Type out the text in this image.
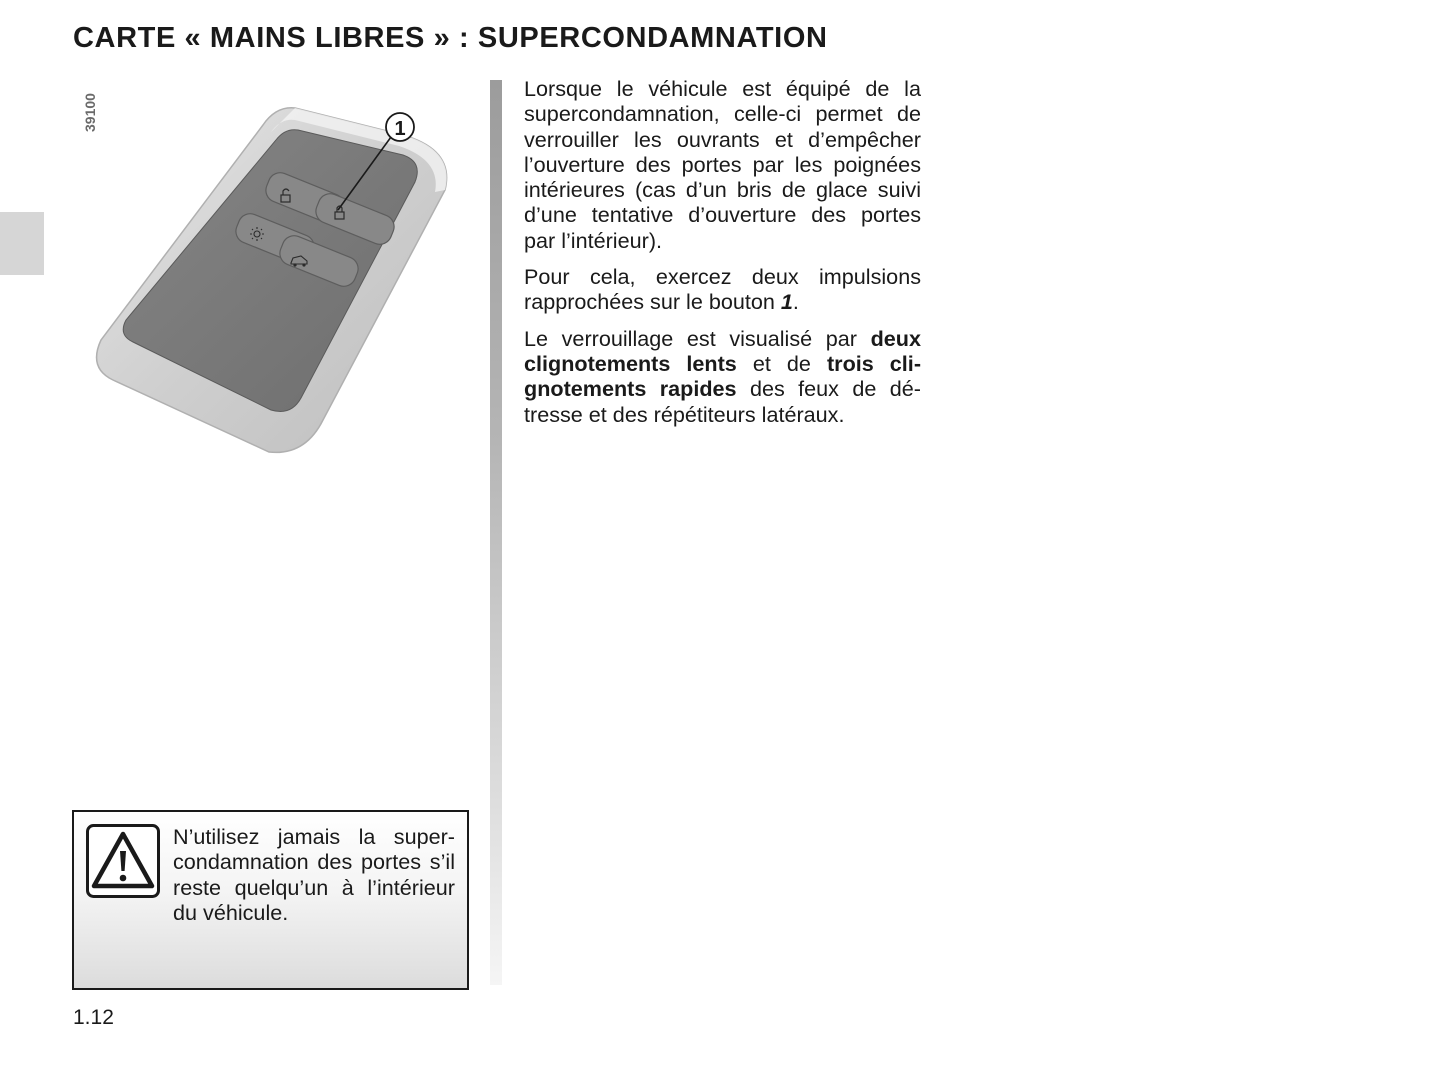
CARTE « MAINS LIBRES » : SUPERCONDAMNATION
39100	1

Lorsque le véhicule est équipé de la supercondamnation, celle-ci permet de verrouiller les ouvrants et d’empêcher l’ouverture des portes par les poignées intérieures (cas d’un bris de glace suivi d’une tentative d’ouverture des portes par l’intérieur).

Pour cela, exercez deux impulsions rapprochées sur le bouton 1.

Le verrouillage est visualisé par deux clignotements lents et de trois clignotements rapides des feux de détresse et des répétiteurs latéraux.

N’utilisez jamais la supercondamnation des portes s’il reste quelqu’un à l’intérieur du véhicule.

1.12
